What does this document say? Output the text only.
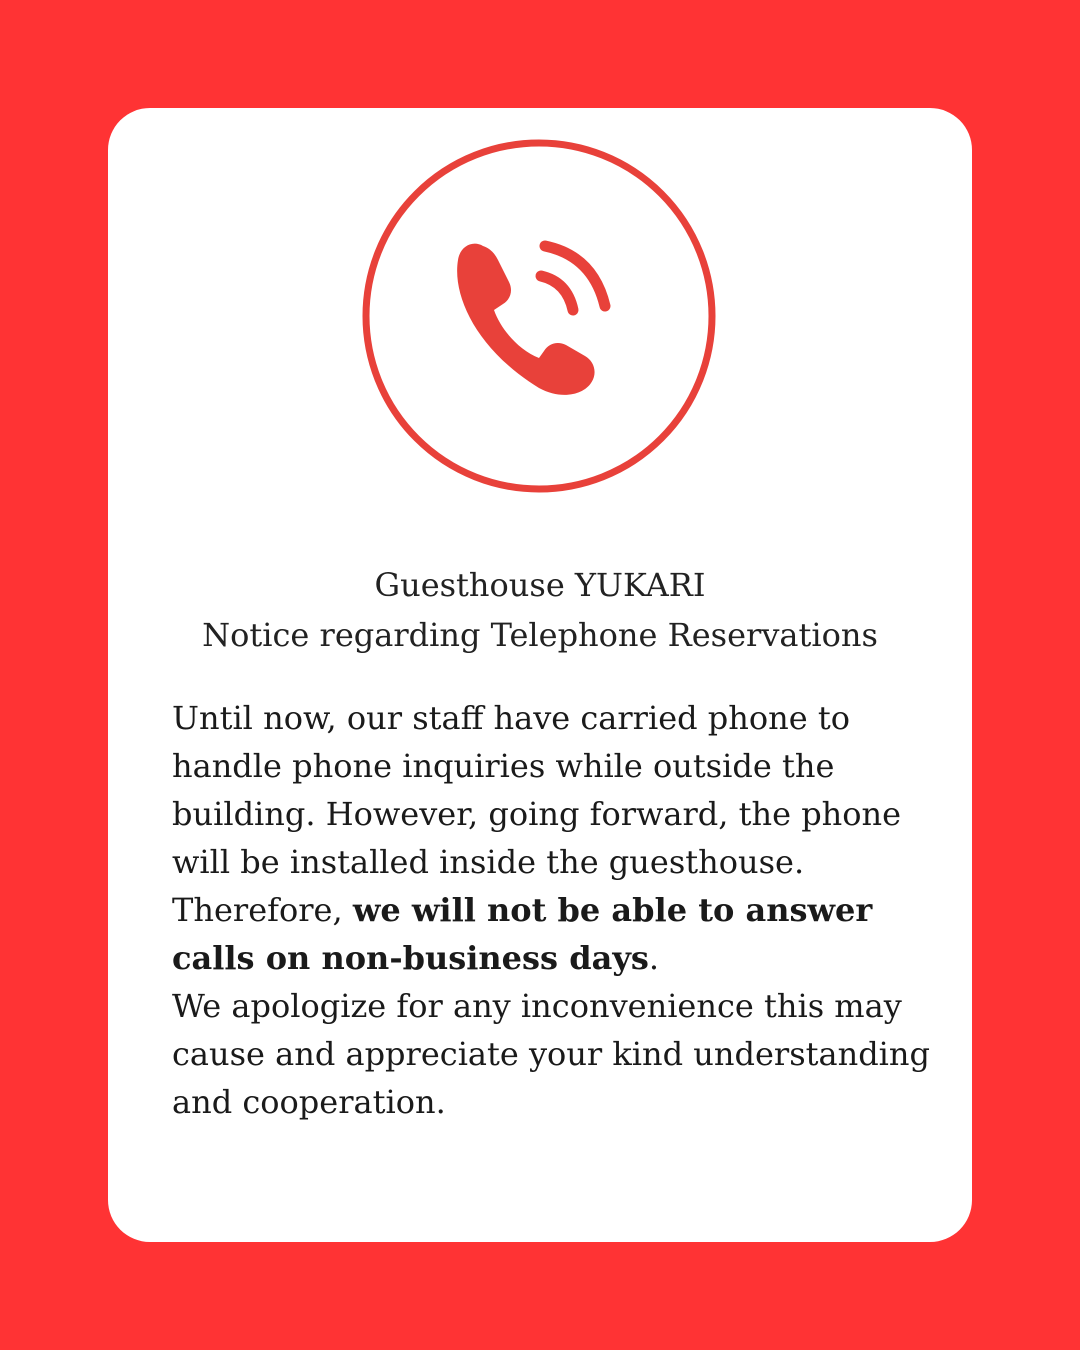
Guesthouse YUKARI
Notice regarding Telephone Reservations

Until now, our staff have carried phone to handle phone inquiries while outside the building. However, going forward, the phone will be installed inside the guesthouse.

Therefore, we will not be able to answer calls on non-business days.

We apologize for any inconvenience this may cause and appreciate your kind understanding and cooperation.
